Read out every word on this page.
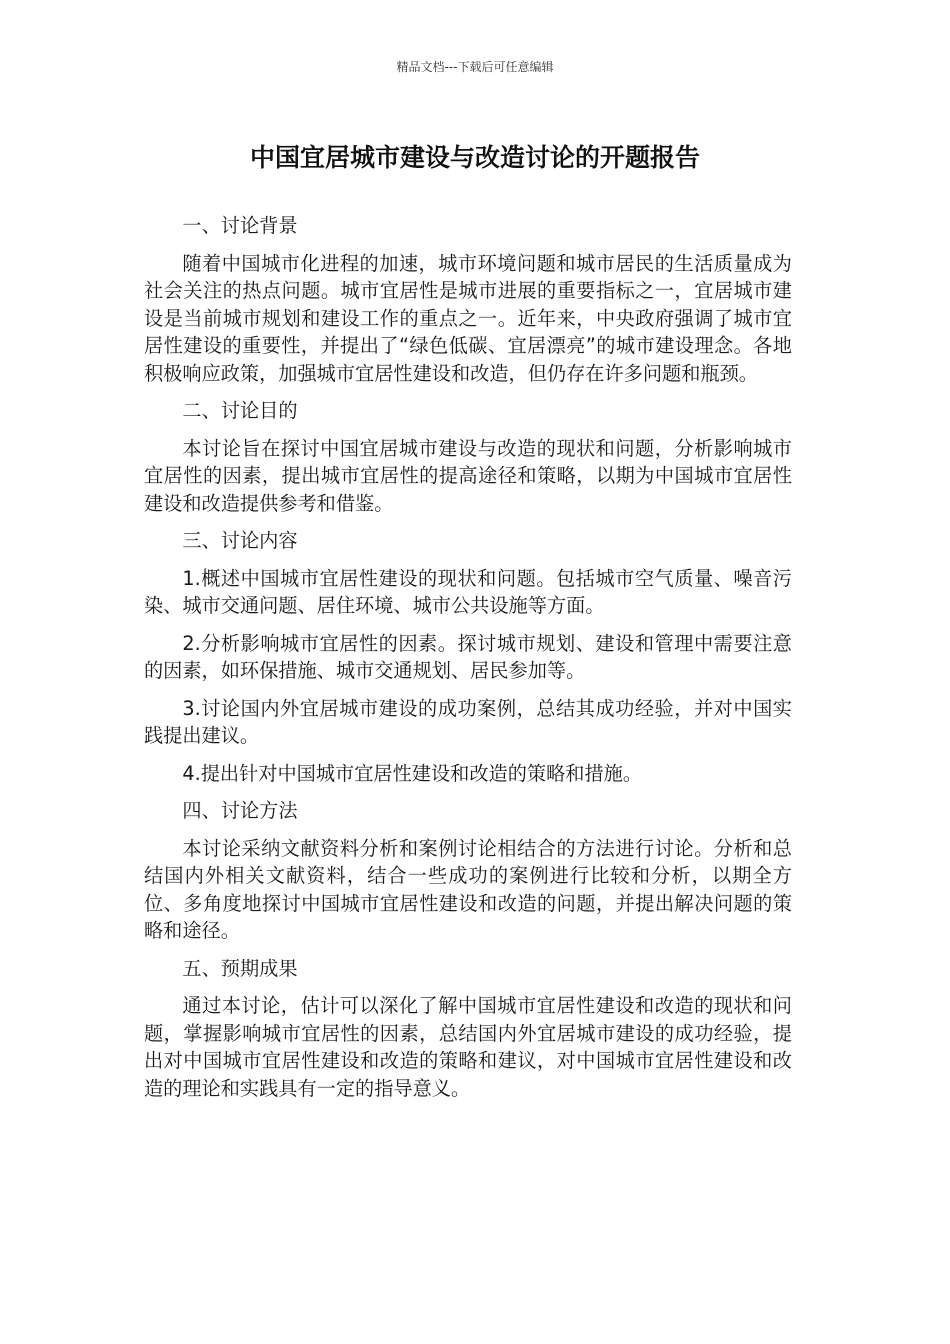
精品文档---下载后可任意编辑
中国宜居城市建设与改造讨论的开题报告

一、讨论背景

随着中国城市化进程的加速，城市环境问题和城市居民的生活质量成为社会关注的热点问题。城市宜居性是城市进展的重要指标之一，宜居城市建设是当前城市规划和建设工作的重点之一。近年来，中央政府强调了城市宜居性建设的重要性，并提出了“绿色低碳、宜居漂亮”的城市建设理念。各地积极响应政策，加强城市宜居性建设和改造，但仍存在许多问题和瓶颈。

二、讨论目的

本讨论旨在探讨中国宜居城市建设与改造的现状和问题，分析影响城市宜居性的因素，提出城市宜居性的提高途径和策略，以期为中国城市宜居性建设和改造提供参考和借鉴。

三、讨论内容

1.概述中国城市宜居性建设的现状和问题。包括城市空气质量、噪音污染、城市交通问题、居住环境、城市公共设施等方面。

2.分析影响城市宜居性的因素。探讨城市规划、建设和管理中需要注意的因素，如环保措施、城市交通规划、居民参加等。

3.讨论国内外宜居城市建设的成功案例，总结其成功经验，并对中国实践提出建议。

4.提出针对中国城市宜居性建设和改造的策略和措施。

四、讨论方法

本讨论采纳文献资料分析和案例讨论相结合的方法进行讨论。分析和总结国内外相关文献资料，结合一些成功的案例进行比较和分析，以期全方位、多角度地探讨中国城市宜居性建设和改造的问题，并提出解决问题的策略和途径。

五、预期成果

通过本讨论，估计可以深化了解中国城市宜居性建设和改造的现状和问题，掌握影响城市宜居性的因素，总结国内外宜居城市建设的成功经验，提出对中国城市宜居性建设和改造的策略和建议，对中国城市宜居性建设和改造的理论和实践具有一定的指导意义。
